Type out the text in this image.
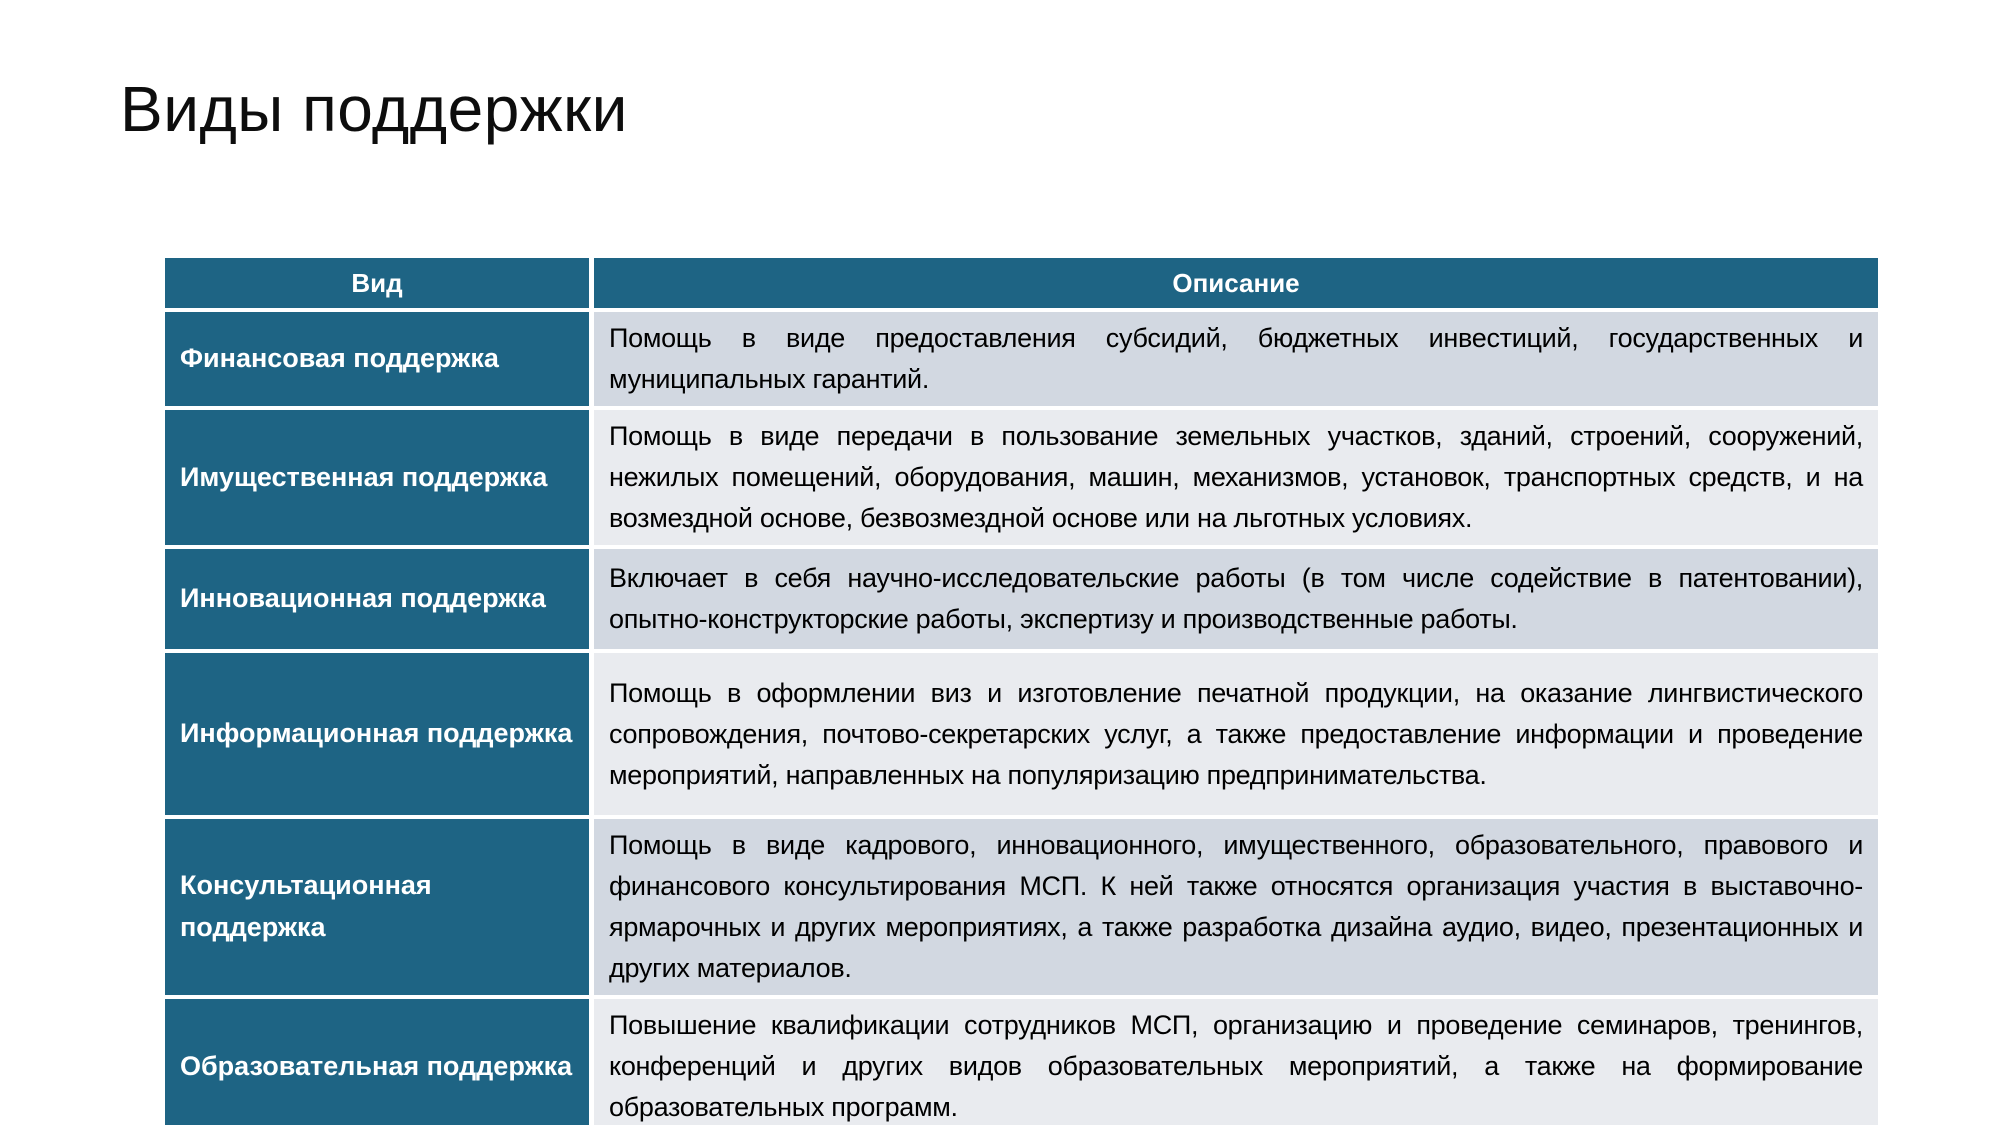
Виды поддержки
Вид	Описание
Финансовая поддержка

Помощь в виде предоставления субсидий, бюджетных инвестиций, государственных и муниципальных гарантий.

Имущественная поддержка

Помощь в виде передачи в пользование земельных участков, зданий, строений, сооружений, нежилых помещений, оборудования, машин, механизмов, установок, транспортных средств, и на возмездной основе, безвозмездной основе или на льготных условиях.

Инновационная поддержка

Включает в себя научно-исследовательские работы (в том числе содействие в патентовании), опытно-конструкторские работы, экспертизу и производственные работы.

Информационная поддержка

Помощь в оформлении виз и изготовление печатной продукции, на оказание лингвистического сопровождения, почтово-секретарских услуг, а также предоставление информации и проведение мероприятий, направленных на популяризацию предпринимательства.

Консультационная поддержка

Помощь в виде кадрового, инновационного, имущественного, образовательного, правового и финансового консультирования МСП. К ней также относятся организация участия в выставочно-ярмарочных и других мероприятиях, а также разработка дизайна аудио, видео, презентационных и других материалов.

Образовательная поддержка

Повышение квалификации сотрудников МСП, организацию и проведение семинаров, тренингов, конференций и других видов образовательных мероприятий, а также на формирование образовательных программ.
